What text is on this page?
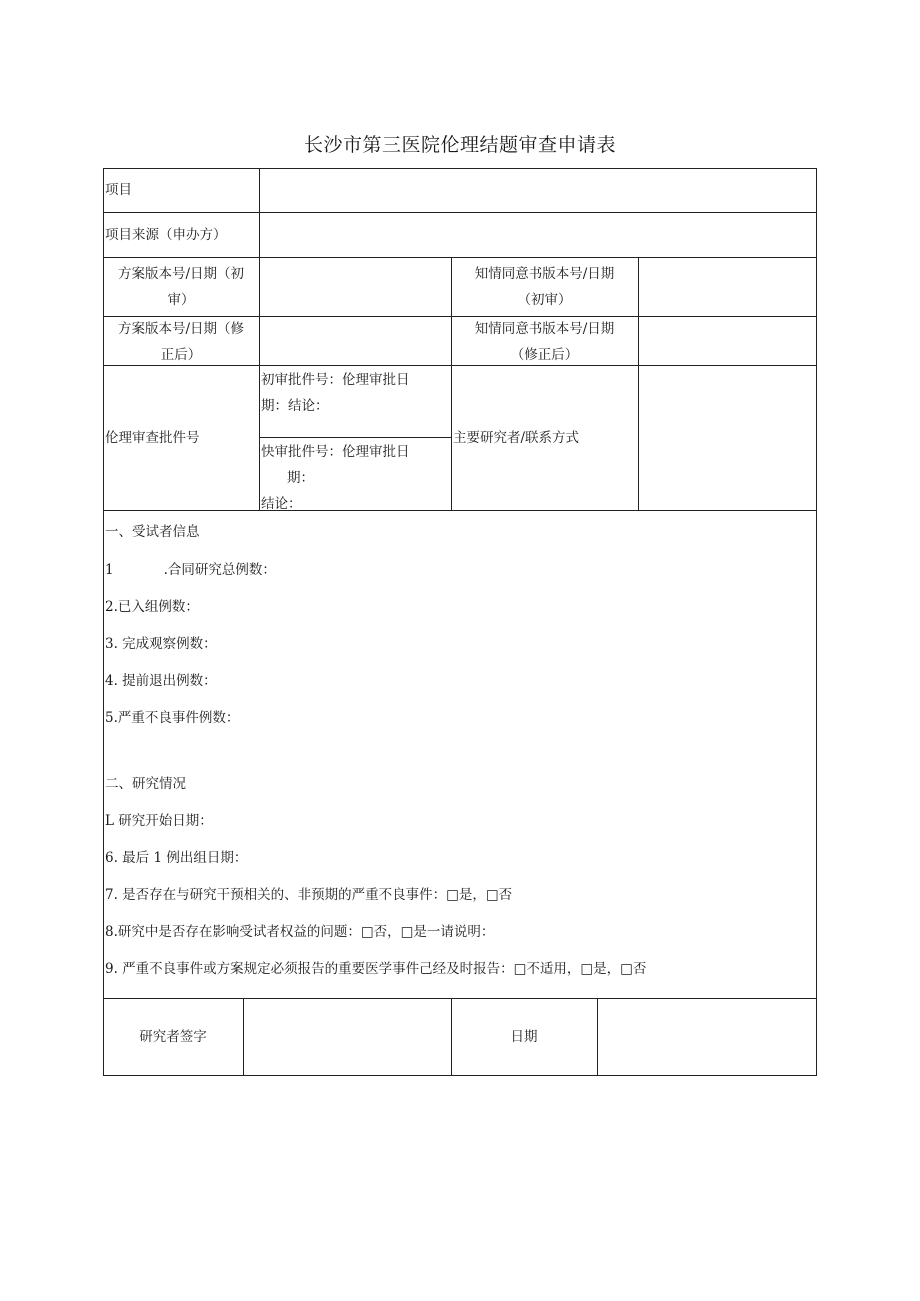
长沙市第三医院伦理结题审查申请表
项目
项目来源（申办方）
方案版本号/日期（初
审）
知情同意书版本号/日期
（初审）
方案版本号/日期（修
正后）
知情同意书版本号/日期
（修正后）
伦理审查批件号
初审批件号：伦理审批日
期：结论：
快审批件号：伦理审批日
期：
结论：
主要研究者/联系方式
一、受试者信息
1	.合同研究总例数：
2.已入组例数：
3. 完成观察例数：
4. 提前退出例数：
5.严重不良事件例数：
二、研究情况
L 研究开始日期：
6. 最后 1 例出组日期：
7. 是否存在与研究干预相关的、非预期的严重不良事件：□是，□否
8.研究中是否存在影响受试者权益的问题：□否，□是一请说明：
9. 严重不良事件或方案规定必须报告的重要医学事件己经及时报告：□不适用，□是，□否
研究者签字	日期
